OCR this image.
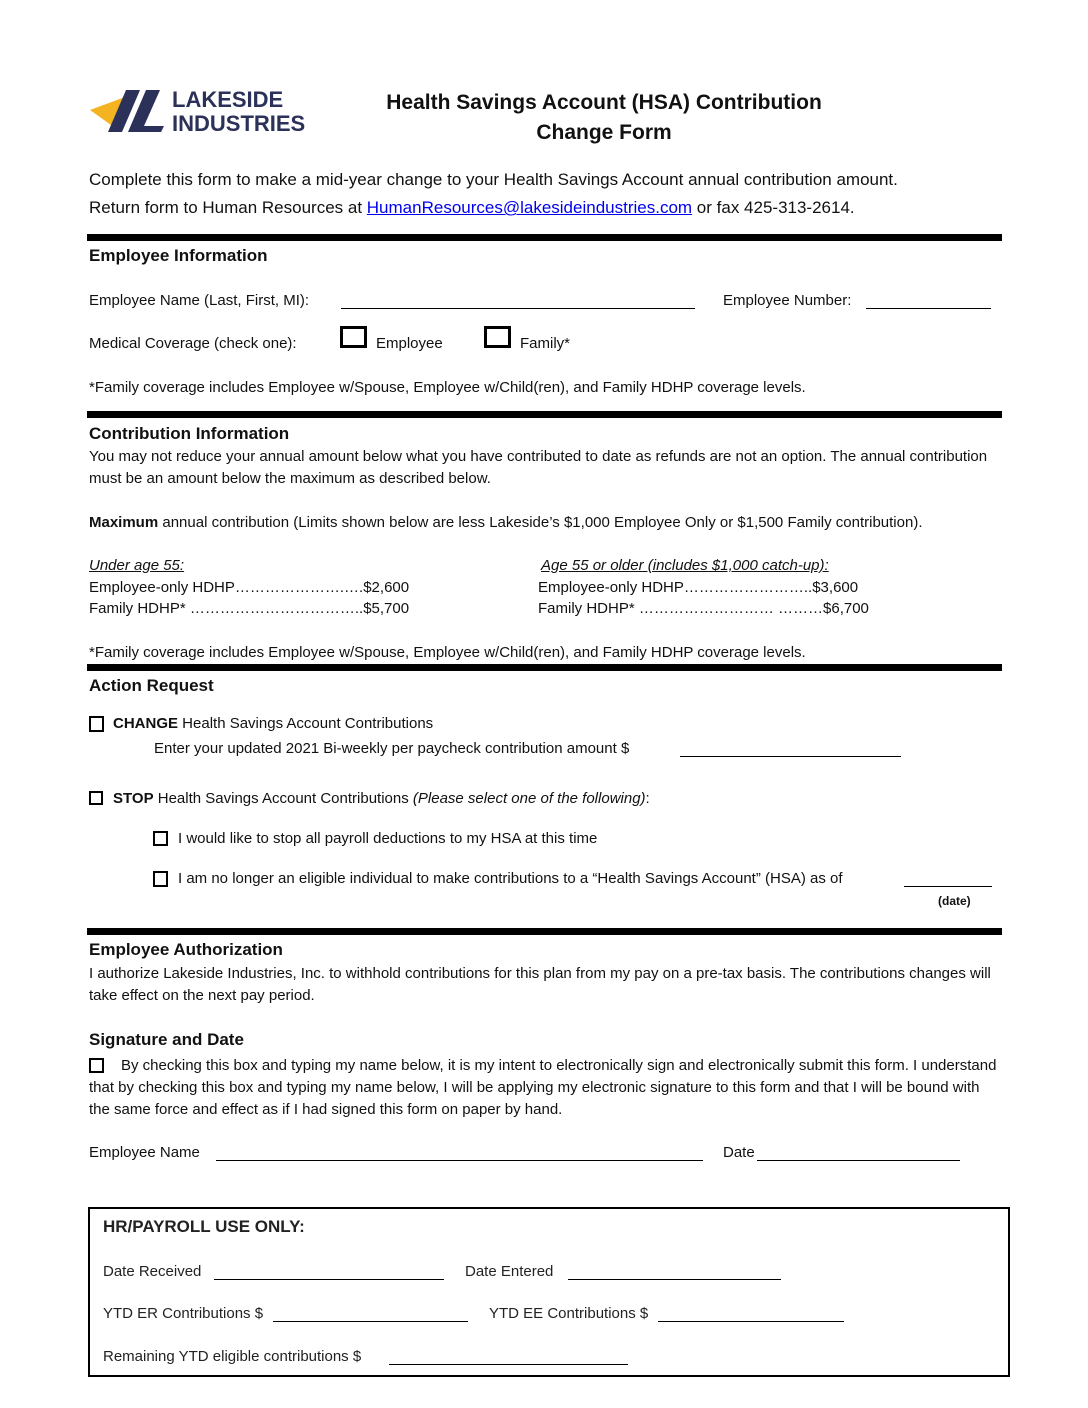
LAKESIDE
INDUSTRIES
Health Savings Account (HSA) Contribution
Change Form
Complete this form to make a mid-year change to your Health Savings Account annual contribution amount.
Return form to Human Resources at HumanResources@lakesideindustries.com or fax 425-313-2614.
Employee Information
Employee Name (Last, First, MI):	Employee Number:
Medical Coverage (check one):	Employee	Family*
*Family coverage includes Employee w/Spouse, Employee w/Child(ren), and Family HDHP coverage levels.
Contribution Information
You may not reduce your annual amount below what you have contributed to date as refunds are not an option. The annual contribution must be an amount below the maximum as described below.
Maximum annual contribution (Limits shown below are less Lakeside’s $1,000 Employee Only or $1,500 Family contribution).
Under age 55:
Employee-only HDHP………………….….$2,600
Family HDHP* ……………………………..$5,700
Age 55 or older (includes $1,000 catch-up):
Employee-only HDHP……………………..$3,600
Family HDHP* ……………………… ………$6,700
*Family coverage includes Employee w/Spouse, Employee w/Child(ren), and Family HDHP coverage levels.
Action Request
CHANGE Health Savings Account Contributions
Enter your updated 2021 Bi-weekly per paycheck contribution amount $
STOP Health Savings Account Contributions (Please select one of the following):
I would like to stop all payroll deductions to my HSA at this time
I am no longer an eligible individual to make contributions to a “Health Savings Account” (HSA) as of
(date)
Employee Authorization
I authorize Lakeside Industries, Inc. to withhold contributions for this plan from my pay on a pre-tax basis. The contributions changes will take effect on the next pay period.
Signature and Date
By checking this box and typing my name below, it is my intent to electronically sign and electronically submit this form. I understand that by checking this box and typing my name below, I will be applying my electronic signature to this form and that I will be bound with the same force and effect as if I had signed this form on paper by hand.
Employee Name	Date
HR/PAYROLL USE ONLY:
Date Received	Date Entered
YTD ER Contributions $	YTD EE Contributions $
Remaining YTD eligible contributions $
